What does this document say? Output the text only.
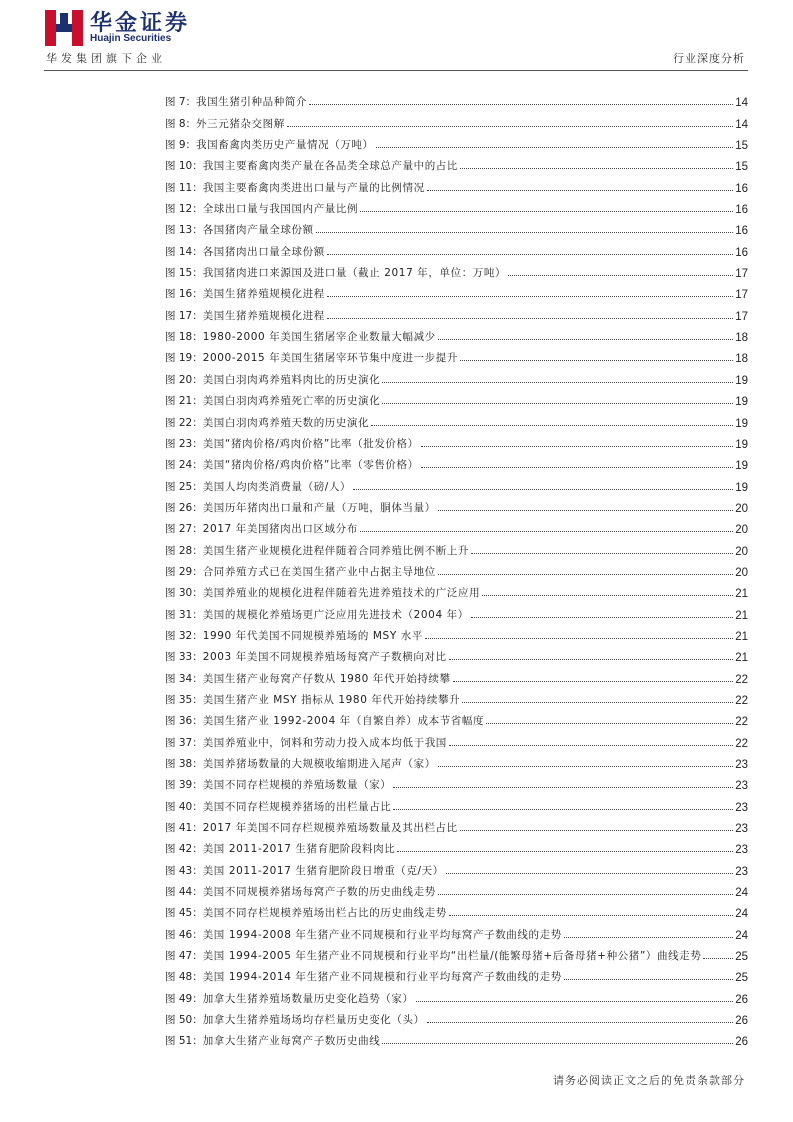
华金证券
Huajin Securities
华发集团旗下企业	行业深度分析
图 7 ： 我国生猪引种品种简介	14
图 8 ： 外三元猪杂交图解	14
图 9 ： 我国畜禽肉类历史产量情况（万吨）	15
图 10 ： 我国主要畜禽肉类产量在各品类全球总产量中的占比	15
图 11 ： 我国主要畜禽肉类进出口量与产量的比例情况	16
图 12 ： 全球出口量与我国国内产量比例	16
图 13 ： 各国猪肉产量全球份额	16
图 14 ： 各国猪肉出口量全球份额	16
图 15 ： 我国猪肉进口来源国及进口量（截止 2017 年，单位：万吨）	17
图 16 ： 美国生猪养殖规模化进程	17
图 17 ： 美国生猪养殖规模化进程	17
图 18 ： 1980-2000 年美国生猪屠宰企业数量大幅减少	18
图 19 ： 2000-2015 年美国生猪屠宰环节集中度进一步提升	18
图 20 ： 美国白羽肉鸡养殖料肉比的历史演化	19
图 21 ： 美国白羽肉鸡养殖死亡率的历史演化	19
图 22 ： 美国白羽肉鸡养殖天数的历史演化	19
图 23 ： 美国“猪肉价格/鸡肉价格”比率（批发价格）	19
图 24 ： 美国“猪肉价格/鸡肉价格”比率（零售价格）	19
图 25 ： 美国人均肉类消费量（磅/人）	19
图 26 ： 美国历年猪肉出口量和产量（万吨，胴体当量）	20
图 27 ： 2017 年美国猪肉出口区域分布	20
图 28 ： 美国生猪产业规模化进程伴随着合同养殖比例不断上升	20
图 29 ： 合同养殖方式已在美国生猪产业中占据主导地位	20
图 30 ： 美国养殖业的规模化进程伴随着先进养殖技术的广泛应用	21
图 31 ： 美国的规模化养殖场更广泛应用先进技术（2004 年）	21
图 32 ： 1990 年代美国不同规模养殖场的 MSY 水平	21
图 33 ： 2003 年美国不同规模养殖场每窝产子数横向对比	21
图 34 ： 美国生猪产业每窝产仔数从 1980 年代开始持续攀	22
图 35 ： 美国生猪产业 MSY 指标从 1980 年代开始持续攀升	22
图 36 ： 美国生猪产业 1992-2004 年（自繁自养）成本节省幅度	22
图 37 ： 美国养殖业中，饲料和劳动力投入成本均低于我国	22
图 38 ： 美国养猪场数量的大规模收缩期进入尾声（家）	23
图 39 ： 美国不同存栏规模的养殖场数量（家）	23
图 40 ： 美国不同存栏规模养猪场的出栏量占比	23
图 41 ： 2017 年美国不同存栏规模养殖场数量及其出栏占比	23
图 42 ： 美国 2011-2017 生猪育肥阶段料肉比	23
图 43 ： 美国 2011-2017 生猪育肥阶段日增重（克/天）	23
图 44 ： 美国不同规模养猪场每窝产子数的历史曲线走势	24
图 45 ： 美国不同存栏规模养殖场出栏占比的历史曲线走势	24
图 46 ： 美国 1994-2008 年生猪产业不同规模和行业平均每窝产子数曲线的走势	24
图 47 ： 美国 1994-2005 年生猪产业不同规模和行业平均“出栏量/(能繁母猪+后备母猪+种公猪”）曲线走势	25
图 48 ： 美国 1994-2014 年生猪产业不同规模和行业平均每窝产子数曲线的走势	25
图 49 ： 加拿大生猪养殖场数量历史变化趋势（家）	26
图 50 ： 加拿大生猪养殖场场均存栏量历史变化（头）	26
图 51 ： 加拿大生猪产业每窝产子数历史曲线	26
请务必阅读正文之后的免责条款部分
